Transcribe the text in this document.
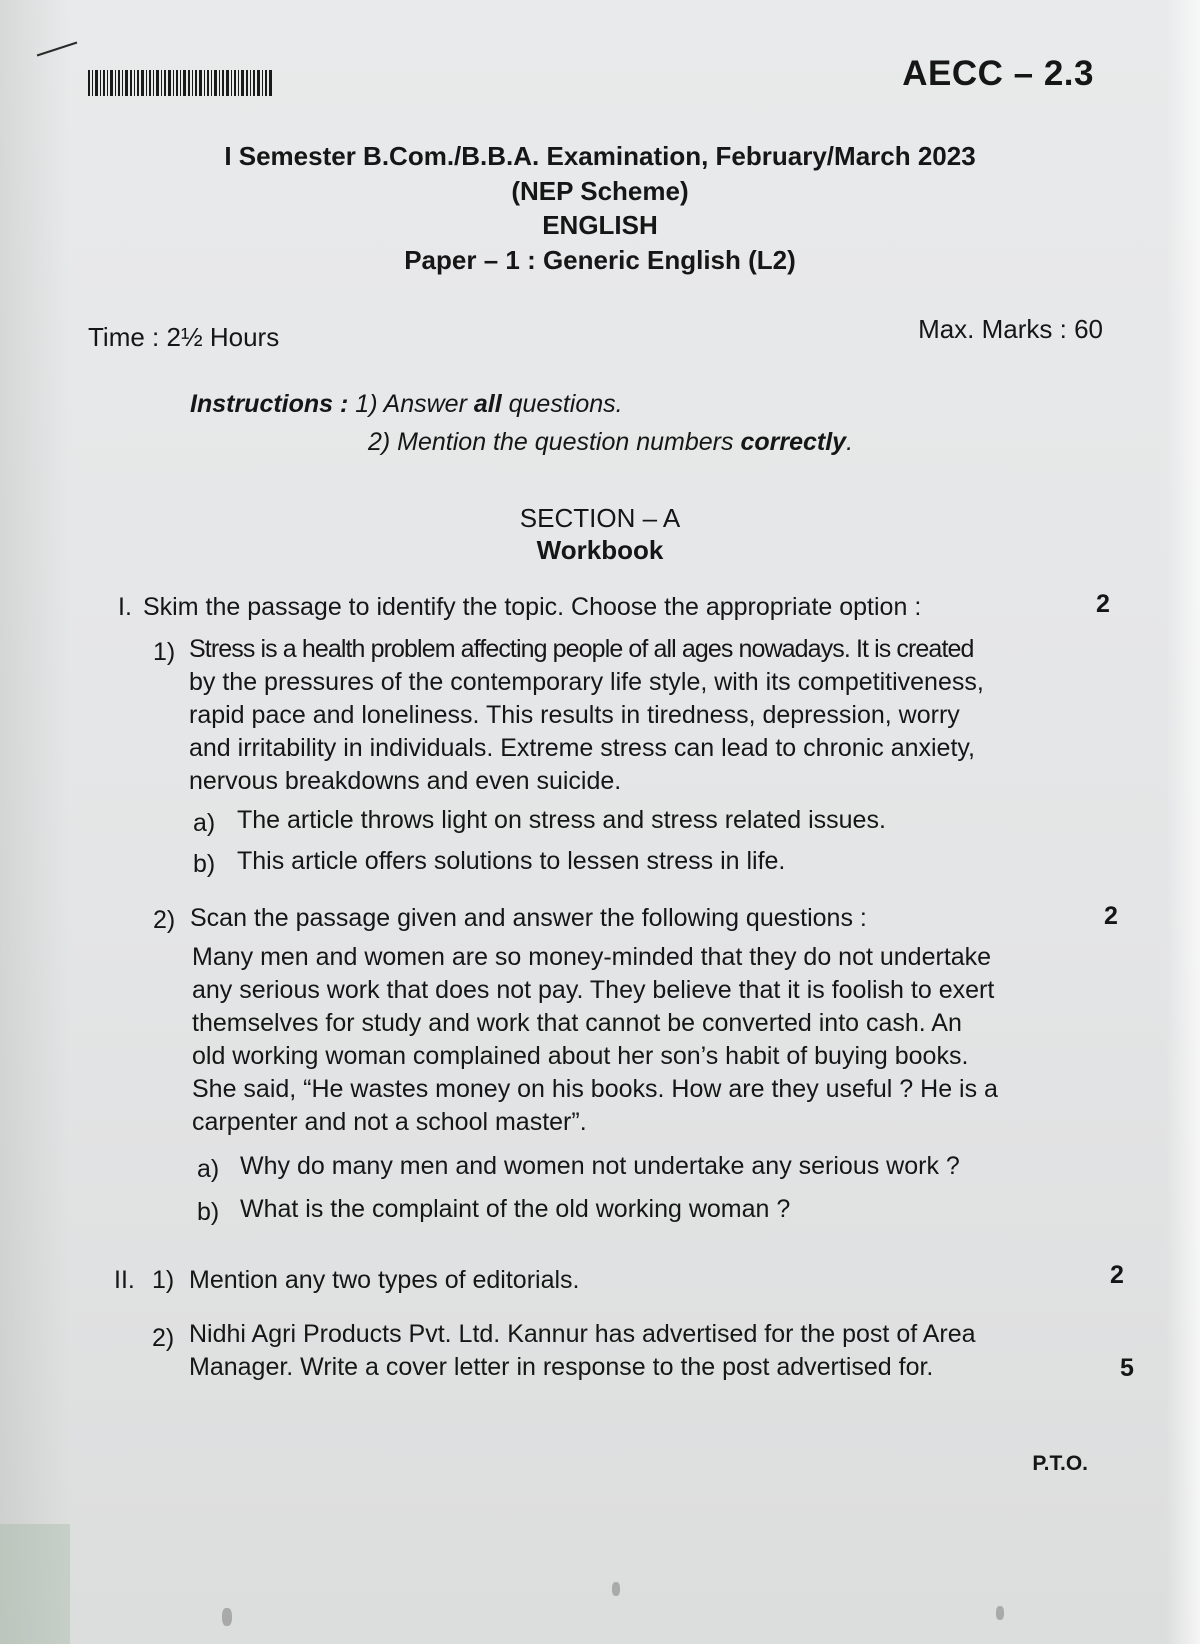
AECC – 2.3
I Semester B.Com./B.B.A. Examination, February/March 2023
(NEP Scheme)
ENGLISH
Paper – 1 : Generic English (L2)
Time : 2½ Hours	Max. Marks : 60
Instructions : 1) Answer all questions.
2) Mention the question numbers correctly.
SECTION – A
Workbook
I. Skim the passage to identify the topic. Choose the appropriate option :	2
1) Stress is a health problem affecting people of all ages nowadays. It is created
by the pressures of the contemporary life style, with its competitiveness,
rapid pace and loneliness. This results in tiredness, depression, worry
and irritability in individuals. Extreme stress can lead to chronic anxiety,
nervous breakdowns and even suicide.
a) The article throws light on stress and stress related issues.
b) This article offers solutions to lessen stress in life.
2) Scan the passage given and answer the following questions :	2
Many men and women are so money-minded that they do not undertake
any serious work that does not pay. They believe that it is foolish to exert
themselves for study and work that cannot be converted into cash. An
old working woman complained about her son’s habit of buying books.
She said, “He wastes money on his books. How are they useful ? He is a
carpenter and not a school master”.
a) Why do many men and women not undertake any serious work ?
b) What is the complaint of the old working woman ?
II. 1) Mention any two types of editorials.	2
2) Nidhi Agri Products Pvt. Ltd. Kannur has advertised for the post of Area
Manager. Write a cover letter in response to the post advertised for.	5
P.T.O.
